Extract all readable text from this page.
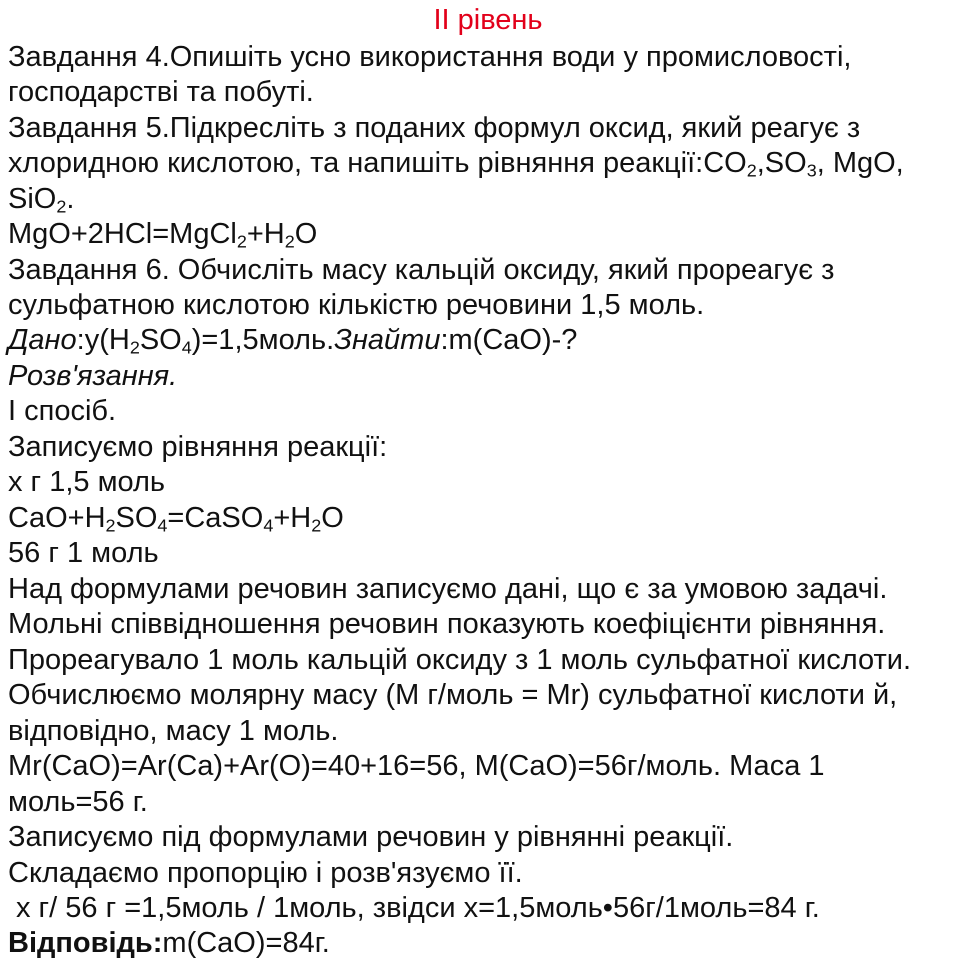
ІІ рівень
Завдання 4.Опишіть усно використання води у промисловості,
господарстві та побуті.
Завдання 5.Підкресліть з поданих формул оксид, який реагує з
хлоридною кислотою, та напишіть рівняння $реакції:CO_2,SO_3$, MgO,
SiO$_2$.
$MgO+2HCl=MgCl_2+H_2O$
Завдання 6. Обчисліть масу кальцій оксиду, який прореагує з
сульфатною кислотою кількістю речовини 1,5 моль.
$Дано:y(H_2SO_4)=1,5моль.Знайти:m(CaO)-$?
Розв'язання.
І спосіб.
Записуємо рівняння реакції:
x г 1,5 моль
$CaO+H_2SO_4=CaSO_4+H_2O$
56 г 1 моль
Над формулами речовин записуємо дані, що є за умовою задачі.
Мольні співвідношення речовин показують коефіцієнти рівняння.
Прореагувало 1 моль кальцій оксиду з 1 моль сульфатної кислоти.
Обчислюємо молярну масу (M г/моль = Mr) сульфатної кислоти й,
відповідно, масу 1 моль.
Mr(CaO)=Ar(Ca)+Ar(O)=40+16=56, M(CaO)=56г/моль. Маса 1
моль=56 г.
Записуємо під формулами речовин у рівнянні реакції.
Складаємо пропорцію і розв'язуємо її.
x г/ 56 г =1,5моль / 1моль, звідси x=1,5моль•56г/1моль=84 г.
Відповідь:m(CaO)=84г.
